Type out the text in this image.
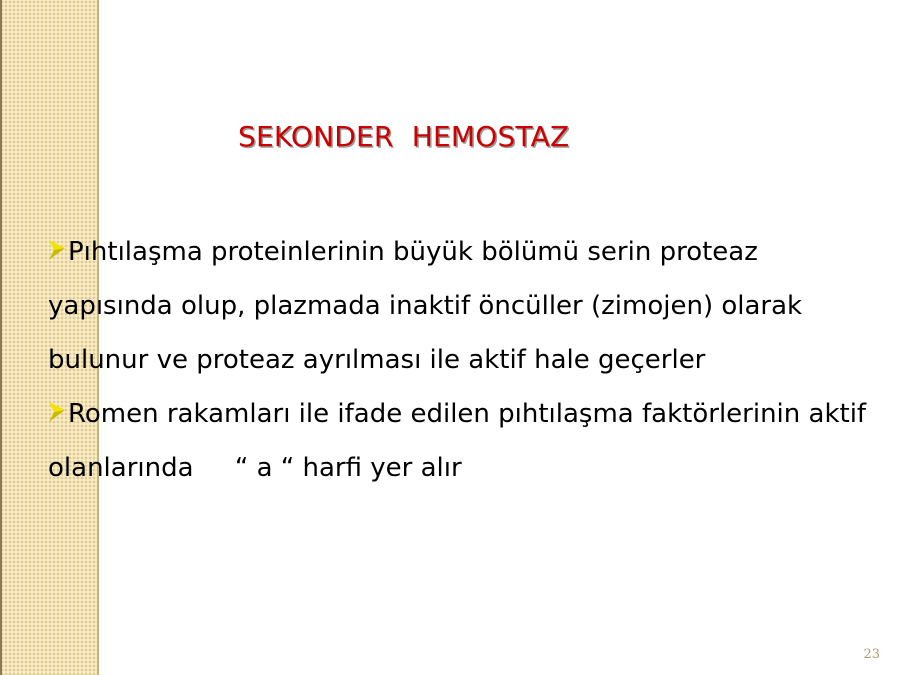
SEKONDER  HEMOSTAZ

Pıhtılaşma proteinlerinin büyük bölümü serin proteaz yapısında olup, plazmada inaktif öncüller (zimojen) olarak bulunur ve proteaz ayrılması ile aktif hale geçerler

Romen rakamları ile ifade edilen pıhtılaşma faktörlerinin aktif olanlarında     “ a “ harfi yer alır

23
